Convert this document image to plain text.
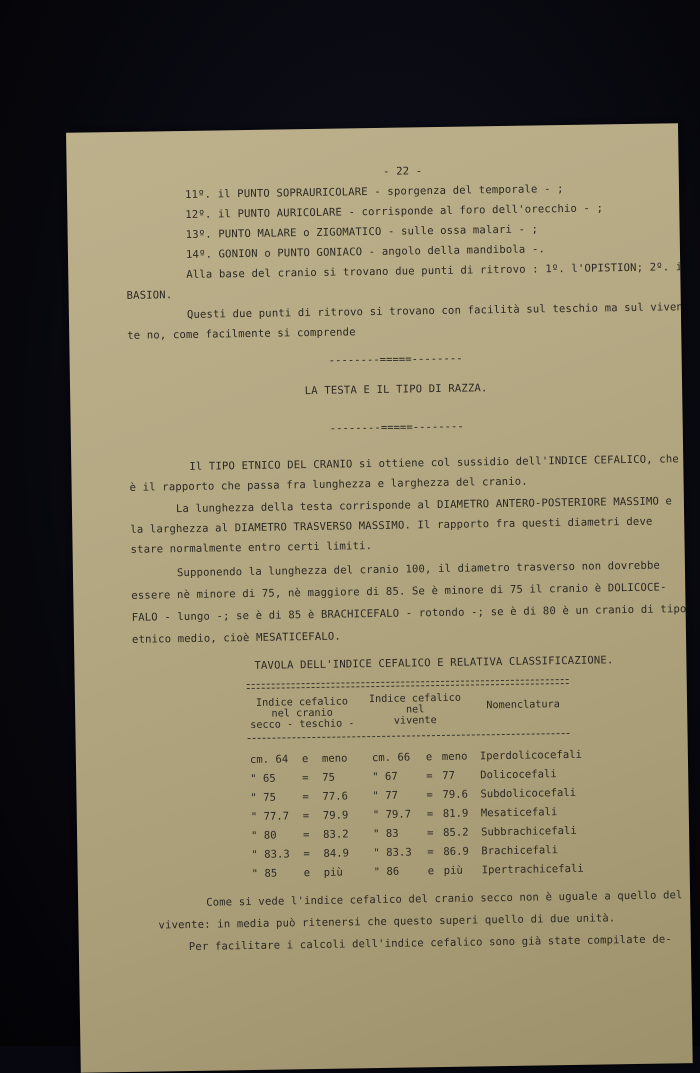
- 22 -
11º. il PUNTO SOPRAURICOLARE - sporgenza del temporale - ;
12º. il PUNTO AURICOLARE - corrisponde al foro dell'orecchio - ;
13º. PUNTO MALARE o ZIGOMATICO - sulle ossa malari - ;
14º. GONION o PUNTO GONIACO - angolo della mandibola -.
Alla base del cranio si trovano due punti di ritrovo : 1º. l'OPISTION; 2º. il
BASION.
Questi due punti di ritrovo si trovano con facilità sul teschio ma sul viven-
te no, come facilmente si comprende
--------=====--------
LA TESTA E IL TIPO DI RAZZA.
--------=====--------
Il TIPO ETNICO DEL CRANIO si ottiene col sussidio dell'INDICE CEFALICO, che
è il rapporto che passa fra lunghezza e larghezza del cranio.
La lunghezza della testa corrisponde al DIAMETRO ANTERO-POSTERIORE MASSIMO e
la larghezza al DIAMETRO TRASVERSO MASSIMO. Il rapporto fra questi diametri deve
stare normalmente entro certi limiti.
Supponendo la lunghezza del cranio 100, il diametro trasverso non dovrebbe
essere nè minore di 75, nè maggiore di 85. Se è minore di 75 il cranio è DOLICOCE-
FALO - lungo -; se è di 85 è BRACHICEFALO - rotondo -; se è di 80 è un cranio di tipo
etnico medio, cioè MESATICEFALO.
TAVOLA DELL'INDICE CEFALICO E RELATIVA CLASSIFICAZIONE.
Indice cefalico
nel cranio
secco - teschio -
Indice cefalico
nel
vivente
Nomenclatura
cm. 64 e meno cm. 66 e meno Iperdolicocefali
" 65 = 75	" 67	= 77 Dolicocefali
" 75 = 77.6 " 77	= 79.6 Subdolicocefali
" 77.7 = 79.9 " 79.7 = 81.9 Mesaticefali
" 80 = 83.2 " 83	= 85.2 Subbrachicefali
" 83.3 = 84.9 " 83.3 = 86.9 Brachicefali
" 85 e più	" 86	e più Ipertrachicefali
Come si vede l'indice cefalico del cranio secco non è uguale a quello del
vivente: in media può ritenersi che questo superi quello di due unità.
Per facilitare i calcoli dell'indice cefalico sono già state compilate de-
